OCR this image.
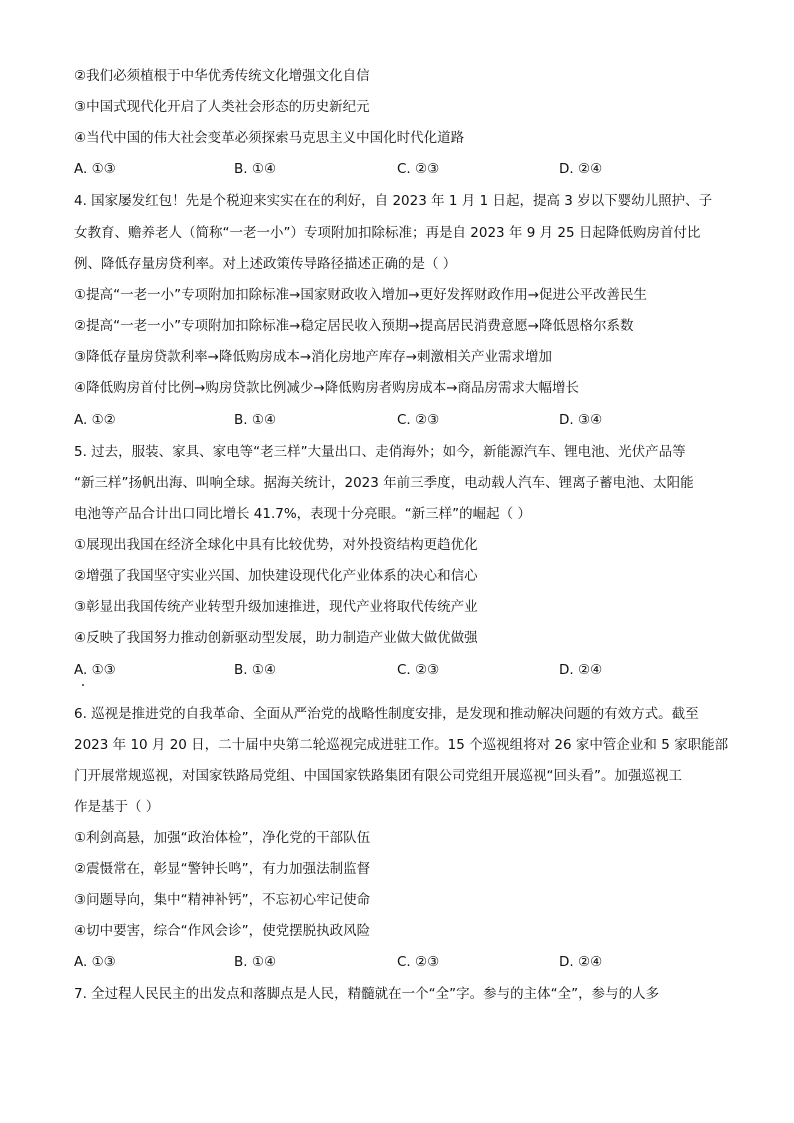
②我们必须植根于中华优秀传统文化增强文化自信
③中国式现代化开启了人类社会形态的历史新纪元
④当代中国的伟大社会变革必须探索马克思主义中国化时代化道路
A. ①③	B. ①④	C. ②③	D. ②④
4. 国家屡发红包！先是个税迎来实实在在的利好，自 2023 年 1 月 1 日起，提高 3 岁以下婴幼儿照护、子
女教育、赡养老人（简称“一老一小”）专项附加扣除标准；再是自 2023 年 9 月 25 日起降低购房首付比
例、降低存量房贷利率。对上述政策传导路径描述正确的是（ ）
①提高“一老一小”专项附加扣除标准→国家财政收入增加→更好发挥财政作用→促进公平改善民生
②提高“一老一小”专项附加扣除标准→稳定居民收入预期→提高居民消费意愿→降低恩格尔系数
③降低存量房贷款利率→降低购房成本→消化房地产库存→刺激相关产业需求增加
④降低购房首付比例→购房贷款比例减少→降低购房者购房成本→商品房需求大幅增长
A. ①②	B. ①④	C. ②③	D. ③④
5. 过去，服装、家具、家电等“老三样”大量出口、走俏海外；如今，新能源汽车、锂电池、光伏产品等
“新三样”扬帆出海、叫响全球。据海关统计，2023 年前三季度，电动载人汽车、锂离子蓄电池、太阳能
电池等产品合计出口同比增长 41.7%，表现十分亮眼。“新三样”的崛起（ ）
①展现出我国在经济全球化中具有比较优势，对外投资结构更趋优化
②增强了我国坚守实业兴国、加快建设现代化产业体系的决心和信心
③彰显出我国传统产业转型升级加速推进，现代产业将取代传统产业
④反映了我国努力推动创新驱动型发展，助力制造产业做大做优做强
A. ①③	B. ①④	C. ②③	D. ②④
6. 巡视是推进党的自我革命、全面从严治党的战略性制度安排，是发现和推动解决问题的有效方式。截至
2023 年 10 月 20 日，二十届中央第二轮巡视完成进驻工作。15 个巡视组将对 26 家中管企业和 5 家职能部
门开展常规巡视，对国家铁路局党组、中国国家铁路集团有限公司党组开展巡视“回头看”。加强巡视工
作是基于（ ）
①利剑高悬，加强“政治体检”，净化党的干部队伍
②震慑常在，彰显“警钟长鸣”，有力加强法制监督
③问题导向，集中“精神补钙”，不忘初心牢记使命
④切中要害，综合“作风会诊”，使党摆脱执政风险
A. ①③	B. ①④	C. ②③	D. ②④
7. 全过程人民民主的出发点和落脚点是人民，精髓就在一个“全”字。参与的主体“全”，参与的人多
